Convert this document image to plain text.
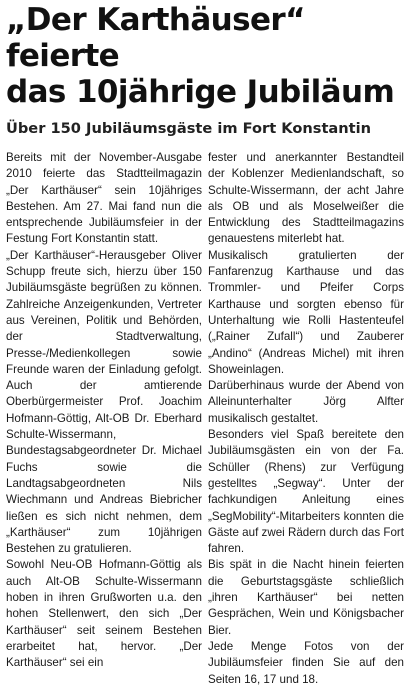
„Der Karthäuser“ feierte
das 10jährige Jubiläum
Über 150 Jubiläumsgäste im Fort Konstantin

Bereits mit der November-Ausgabe 2010 feierte das Stadtteilmagazin „Der Karthäuser“ sein 10jähriges Bestehen. Am 27. Mai fand nun die entsprechende Jubiläumsfeier in der Festung Fort Konstantin statt.

„Der Karthäuser“-Herausgeber Oliver Schupp freute sich, hierzu über 150 Jubiläumsgäste begrüßen zu können. Zahlreiche Anzeigenkunden, Vertreter aus Vereinen, Politik und Behörden, der Stadtverwaltung, Presse-/Medienkollegen sowie Freunde waren der Einladung gefolgt. Auch der amtierende Oberbürgermeister Prof. Joachim Hofmann-Göttig, Alt-OB Dr. Eberhard Schulte-Wissermann, Bundestagsabgeordneter Dr. Michael Fuchs sowie die Landtagsabgeordneten Nils Wiechmann und Andreas Biebricher ließen es sich nicht nehmen, dem „Karthäuser“ zum 10jährigen Bestehen zu gratulieren.

Sowohl Neu-OB Hofmann-Göttig als auch Alt-OB Schulte-Wissermann hoben in ihren Grußworten u.a. den hohen Stellenwert, den sich „Der Karthäuser“ seit seinem Bestehen erarbeitet hat, hervor. „Der Karthäuser“ sei ein

fester und anerkannter Bestandteil der Koblenzer Medienlandschaft, so Schulte-Wissermann, der acht Jahre als OB und als Moselweißer die Entwicklung des Stadtteilmagazins genauestens miterlebt hat.

Musikalisch gratulierten der Fanfarenzug Karthause und das Trommler- und Pfeifer Corps Karthause und sorgten ebenso für Unterhaltung wie Rolli Hastenteufel („Rainer Zufall“) und Zauberer „Andino“ (Andreas Michel) mit ihren Showeinlagen.

Darüberhinaus wurde der Abend von Alleinunterhalter Jörg Alfter musikalisch gestaltet.

Besonders viel Spaß bereitete den Jubiläumsgästen ein von der Fa. Schüller (Rhens) zur Verfügung gestelltes „Segway“. Unter der fachkundigen Anleitung eines „SegMobility“-Mitarbeiters konnten die Gäste auf zwei Rädern durch das Fort fahren.

Bis spät in die Nacht hinein feierten die Geburtstagsgäste schließlich „ihren Karthäuser“ bei netten Gesprächen, Wein und Königsbacher Bier.

Jede Menge Fotos von der Jubiläumsfeier finden Sie auf den Seiten 16, 17 und 18.
